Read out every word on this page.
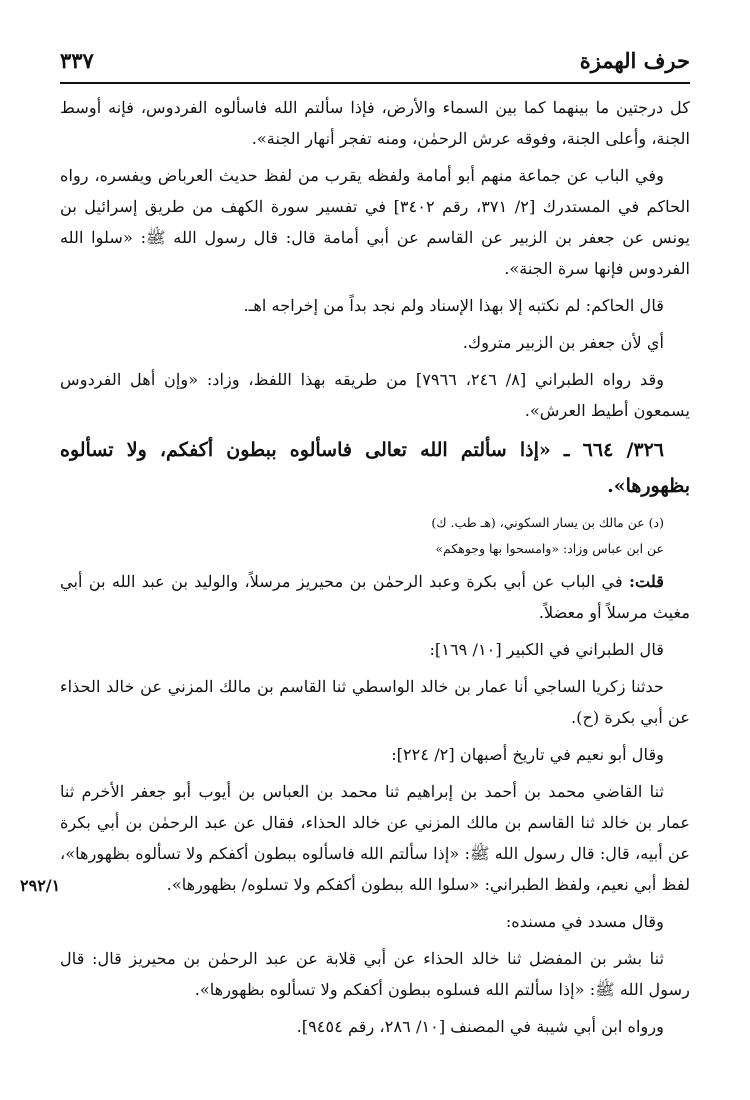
حرف الهمزة
٣٣٧

كل درجتين ما بينهما كما بين السماء والأرض، فإذا سألتم الله فاسألوه الفردوس، فإنه أوسط الجنة، وأعلى الجنة، وفوقه عرش الرحمٰن، ومنه تفجر أنهار الجنة».

وفي الباب عن جماعة منهم أبو أمامة ولفظه يقرب من لفظ حديث العرباض ويفسره، رواه الحاكم في المستدرك [٢/ ٣٧١، رقم ٣٤٠٢] في تفسير سورة الكهف من طريق إسرائيل بن يونس عن جعفر بن الزبير عن القاسم عن أبي أمامة قال: قال رسول الله ﷺ: «سلوا الله الفردوس فإنها سرة الجنة».

قال الحاكم: لم نكتبه إلا بهذا الإسناد ولم نجد بداً من إخراجه اهـ.

أي لأن جعفر بن الزبير متروك.

وقد رواه الطبراني [٨/ ٢٤٦، ٧٩٦٦] من طريقه بهذا اللفظ، وزاد: «وإن أهل الفردوس يسمعون أطيط العرش».

٣٢٦/ ٦٦٤ ـ «إذا سألتم الله تعالى فاسألوه ببطون أكفكم، ولا تسألوه بظهورها».

(د) عن مالك بن يسار السكوني، (هـ طب. ك)

عن ابن عباس وزاد: «وامسحوا بها وجوهكم»

قلت: في الباب عن أبي بكرة وعبد الرحمٰن بن محيريز مرسلاً، والوليد بن عبد الله بن أبي مغيث مرسلاً أو معضلاً.

قال الطبراني في الكبير [١٠/ ١٦٩]:

حدثنا زكريا الساجي أنا عمار بن خالد الواسطي ثنا القاسم بن مالك المزني عن خالد الحذاء عن أبي بكرة (ح).

وقال أبو نعيم في تاريخ أصبهان [٢/ ٢٢٤]:

ثنا القاضي محمد بن أحمد بن إبراهيم ثنا محمد بن العباس بن أيوب أبو جعفر الأخرم ثنا عمار بن خالد ثنا القاسم بن مالك المزني عن خالد الحذاء، فقال عن عبد الرحمٰن بن أبي بكرة عن أبيه، قال: قال رسول الله ﷺ: «إذا سألتم الله فاسألوه ببطون أكفكم ولا تسألوه بظهورها»، لفظ أبي نعيم، ولفظ الطبراني: «سلوا الله ببطون أكفكم ولا تسلوه/ بظهورها».

وقال مسدد في مسنده:

ثنا بشر بن المفضل ثنا خالد الحذاء عن أبي قلابة عن عبد الرحمٰن بن محيريز قال: قال رسول الله ﷺ: «إذا سألتم الله فسلوه ببطون أكفكم ولا تسألوه بظهورها».

ورواه ابن أبي شيبة في المصنف [١٠/ ٢٨٦، رقم ٩٤٥٤].

٢٩٢/١
